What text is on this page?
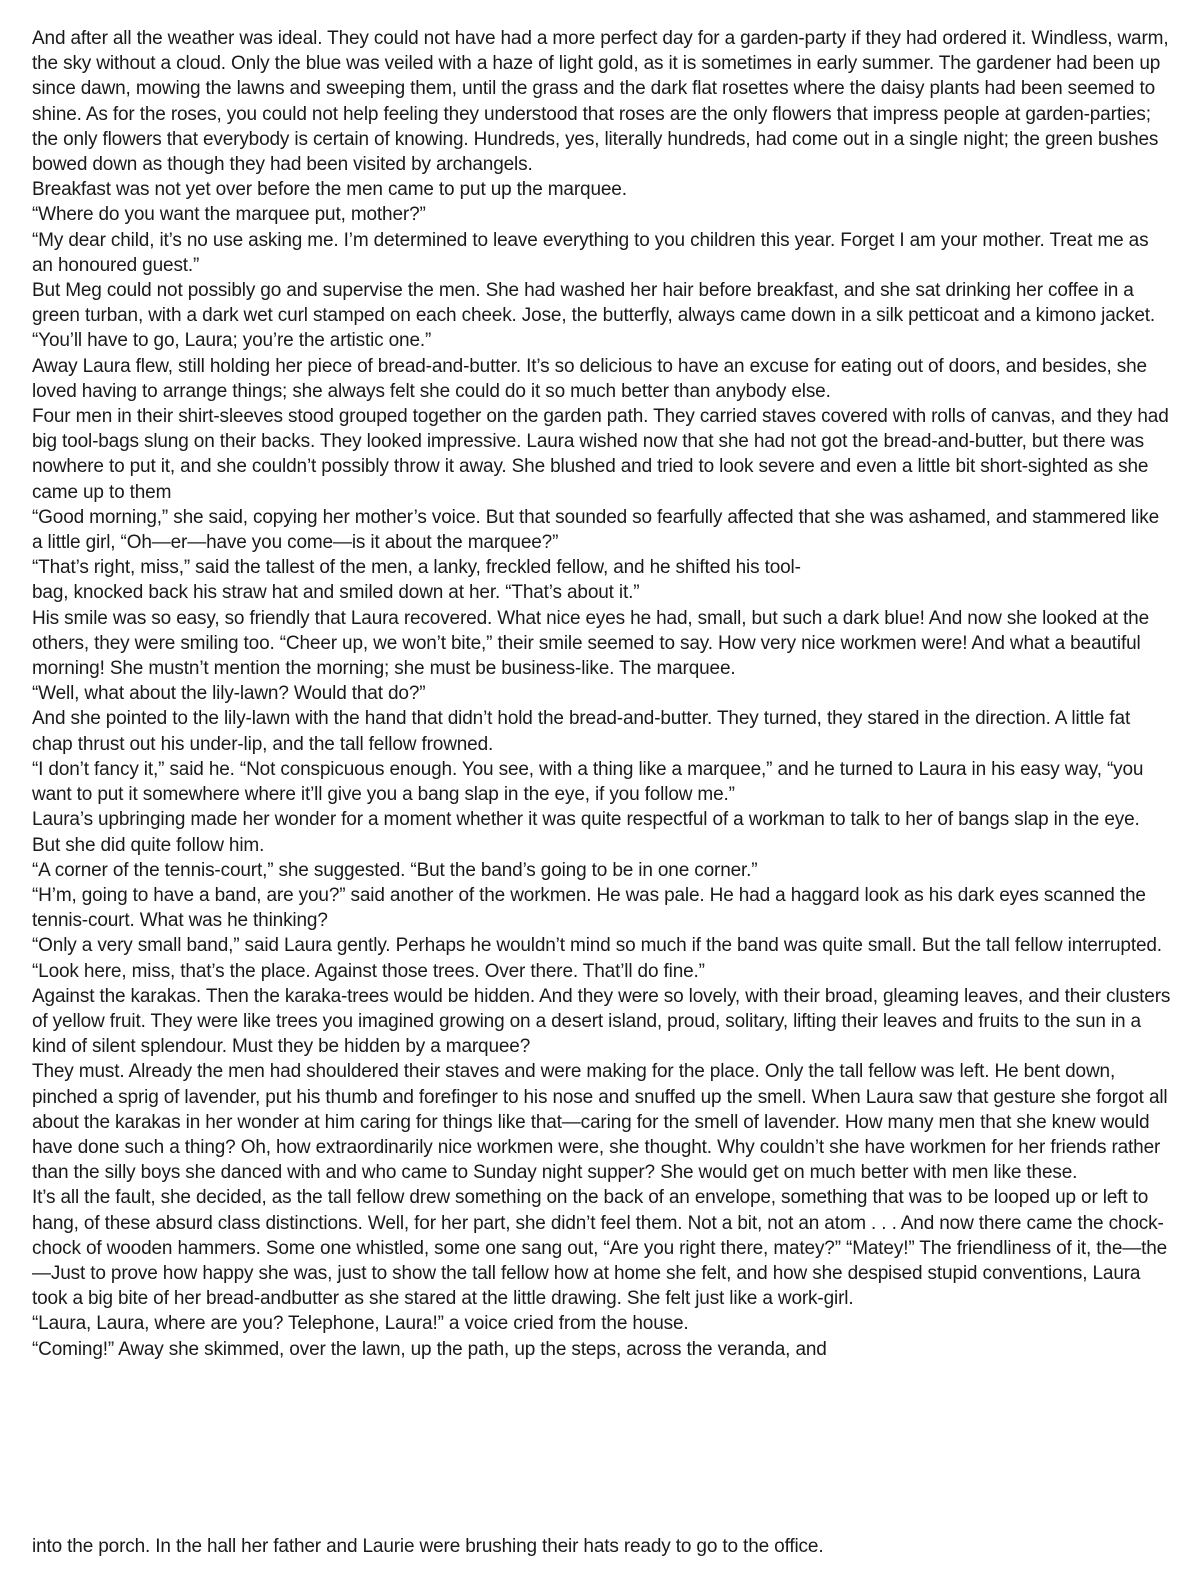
And after all the weather was ideal. They could not have had a more perfect day for a garden-party if they had ordered it. Windless, warm, the sky without a cloud. Only the blue was veiled with a haze of light gold, as it is sometimes in early summer. The gardener had been up since dawn, mowing the lawns and sweeping them, until the grass and the dark flat rosettes where the daisy plants had been seemed to shine. As for the roses, you could not help feeling they understood that roses are the only flowers that impress people at garden-parties; the only flowers that everybody is certain of knowing. Hundreds, yes, literally hundreds, had come out in a single night; the green bushes bowed down as though they had been visited by archangels.

Breakfast was not yet over before the men came to put up the marquee.

“Where do you want the marquee put, mother?”

“My dear child, it’s no use asking me. I’m determined to leave everything to you children this year. Forget I am your mother. Treat me as an honoured guest.”

But Meg could not possibly go and supervise the men. She had washed her hair before breakfast, and she sat drinking her coffee in a green turban, with a dark wet curl stamped on each cheek. Jose, the butterfly, always came down in a silk petticoat and a kimono jacket.

“You’ll have to go, Laura; you’re the artistic one.”

Away Laura flew, still holding her piece of bread-and-butter. It’s so delicious to have an excuse for eating out of doors, and besides, she loved having to arrange things; she always felt she could do it so much better than anybody else.

Four men in their shirt-sleeves stood grouped together on the garden path. They carried staves covered with rolls of canvas, and they had big tool-bags slung on their backs. They looked impressive. Laura wished now that she had not got the bread-and-butter, but there was nowhere to put it, and she couldn’t possibly throw it away. She blushed and tried to look severe and even a little bit short-sighted as she came up to them

“Good morning,” she said, copying her mother’s voice. But that sounded so fearfully affected that she was ashamed, and stammered like a little girl, “Oh—er—have you come—is it about the marquee?”

“That’s right, miss,” said the tallest of the men, a lanky, freckled fellow, and he shifted his tool-

bag, knocked back his straw hat and smiled down at her. “That’s about it.”

His smile was so easy, so friendly that Laura recovered. What nice eyes he had, small, but such a dark blue! And now she looked at the others, they were smiling too. “Cheer up, we won’t bite,” their smile seemed to say. How very nice workmen were! And what a beautiful morning! She mustn’t mention the morning; she must be business-like. The marquee.

“Well, what about the lily-lawn? Would that do?”

And she pointed to the lily-lawn with the hand that didn’t hold the bread-and-butter. They turned, they stared in the direction. A little fat chap thrust out his under-lip, and the tall fellow frowned.

“I don’t fancy it,” said he. “Not conspicuous enough. You see, with a thing like a marquee,” and he turned to Laura in his easy way, “you want to put it somewhere where it’ll give you a bang slap in the eye, if you follow me.”

Laura’s upbringing made her wonder for a moment whether it was quite respectful of a workman to talk to her of bangs slap in the eye. But she did quite follow him.

“A corner of the tennis-court,” she suggested. “But the band’s going to be in one corner.”

“H’m, going to have a band, are you?” said another of the workmen. He was pale. He had a haggard look as his dark eyes scanned the tennis-court. What was he thinking?

“Only a very small band,” said Laura gently. Perhaps he wouldn’t mind so much if the band was quite small. But the tall fellow interrupted.

“Look here, miss, that’s the place. Against those trees. Over there. That’ll do fine.”

Against the karakas. Then the karaka-trees would be hidden. And they were so lovely, with their broad, gleaming leaves, and their clusters of yellow fruit. They were like trees you imagined growing on a desert island, proud, solitary, lifting their leaves and fruits to the sun in a kind of silent splendour. Must they be hidden by a marquee?

They must. Already the men had shouldered their staves and were making for the place. Only the tall fellow was left. He bent down, pinched a sprig of lavender, put his thumb and forefinger to his nose and snuffed up the smell. When Laura saw that gesture she forgot all about the karakas in her wonder at him caring for things like that—caring for the smell of lavender. How many men that she knew would have done such a thing? Oh, how extraordinarily nice workmen were, she thought. Why couldn’t she have workmen for her friends rather than the silly boys she danced with and who came to Sunday night supper? She would get on much better with men like these.

It’s all the fault, she decided, as the tall fellow drew something on the back of an envelope, something that was to be looped up or left to hang, of these absurd class distinctions. Well, for her part, she didn’t feel them. Not a bit, not an atom . . . And now there came the chock-chock of wooden hammers. Some one whistled, some one sang out, “Are you right there, matey?” “Matey!” The friendliness of it, the—the—Just to prove how happy she was, just to show the tall fellow how at home she felt, and how she despised stupid conventions, Laura took a big bite of her bread-andbutter as she stared at the little drawing. She felt just like a work-girl.

“Laura, Laura, where are you? Telephone, Laura!” a voice cried from the house.

“Coming!” Away she skimmed, over the lawn, up the path, up the steps, across the veranda, and

into the porch. In the hall her father and Laurie were brushing their hats ready to go to the office.
